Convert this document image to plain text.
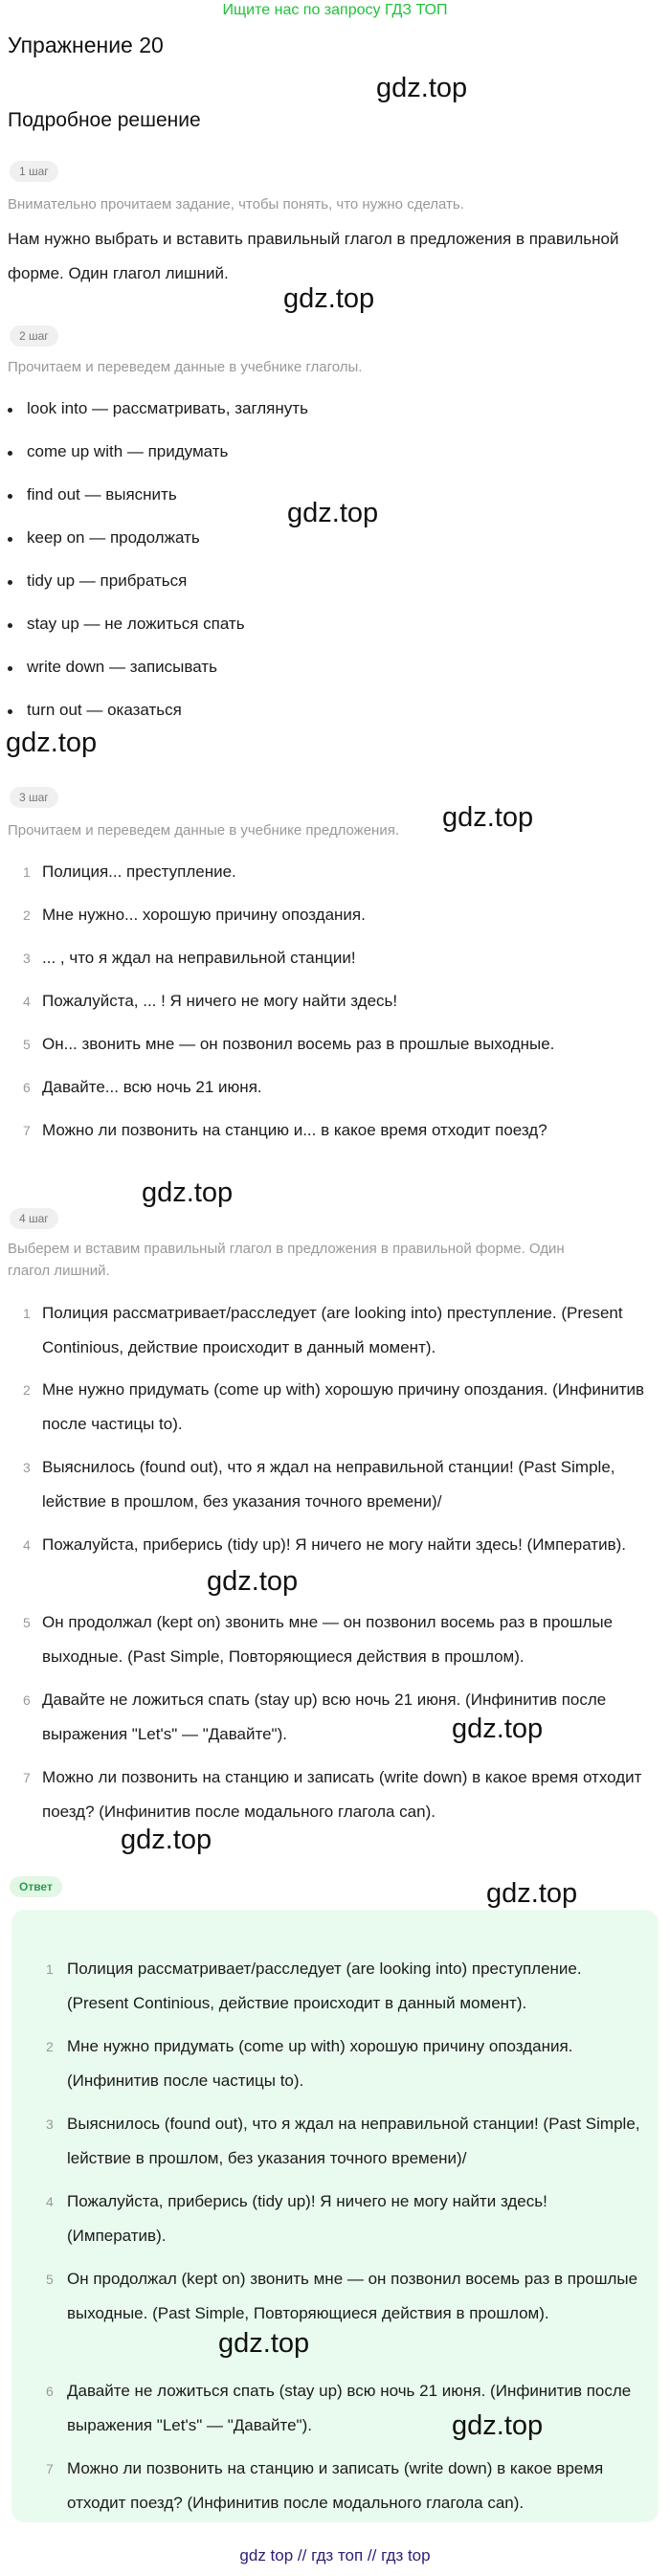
Ищите нас по запросу ГДЗ ТОП
Упражнение 20
Подробное решение
1 шаг
Внимательно прочитаем задание, чтобы понять, что нужно сделать.
Нам нужно выбрать и вставить правильный глагол в предложения в правильной форме. Один глагол лишний.
2 шаг
Прочитаем и переведем данные в учебнике глаголы.
look into — рассматривать, заглянуть
come up with — придумать
find out — выяснить
keep on — продолжать
tidy up — прибраться
stay up — не ложиться спать
write down — записывать
turn out — оказаться
3 шаг
Прочитаем и переведем данные в учебнике предложения.
1 Полиция... преступление.
2 Мне нужно... хорошую причину опоздания.
3 ... , что я ждал на неправильной станции!
4 Пожалуйста, ... ! Я ничего не могу найти здесь!
5 Он... звонить мне — он позвонил восемь раз в прошлые выходные.
6 Давайте... всю ночь 21 июня.
7 Можно ли позвонить на станцию и... в какое время отходит поезд?
4 шаг
Выберем и вставим правильный глагол в предложения в правильной форме. Один глагол лишний.
1 Полиция рассматривает/расследует (are looking into) преступление. (Present Continious, действие происходит в данный момент).
2 Мне нужно придумать (come up with) хорошую причину опоздания. (Инфинитив после частицы to).
3 Выяснилось (found out), что я ждал на неправильной станции! (Past Simple, lействие в прошлом, без указания точного времени)/
4 Пожалуйста, приберись (tidy up)! Я ничего не могу найти здесь! (Императив).
5 Он продолжал (kept on) звонить мне — он позвонил восемь раз в прошлые выходные. (Past Simple, Повторяющиеся действия в прошлом).
6 Давайте не ложиться спать (stay up) всю ночь 21 июня. (Инфинитив после выражения "Let's" — "Давайте").
7 Можно ли позвонить на станцию и записать (write down) в какое время отходит поезд? (Инфинитив после модального глагола can).
Ответ
1 Полиция рассматривает/расследует (are looking into) преступление. (Present Continious, действие происходит в данный момент).
2 Мне нужно придумать (come up with) хорошую причину опоздания. (Инфинитив после частицы to).
3 Выяснилось (found out), что я ждал на неправильной станции! (Past Simple, lействие в прошлом, без указания точного времени)/
4 Пожалуйста, приберись (tidy up)! Я ничего не могу найти здесь! (Императив).
5 Он продолжал (kept on) звонить мне — он позвонил восемь раз в прошлые выходные. (Past Simple, Повторяющиеся действия в прошлом).
6 Давайте не ложиться спать (stay up) всю ночь 21 июня. (Инфинитив после выражения "Let's" — "Давайте").
7 Можно ли позвонить на станцию и записать (write down) в какое время отходит поезд? (Инфинитив после модального глагола can).
gdz.top
gdz.top
gdz.top
gdz.top
gdz.top
gdz.top
gdz.top
gdz.top
gdz.top
gdz.top
gdz.top
gdz.top
gdz top // гдз топ // гдз top
